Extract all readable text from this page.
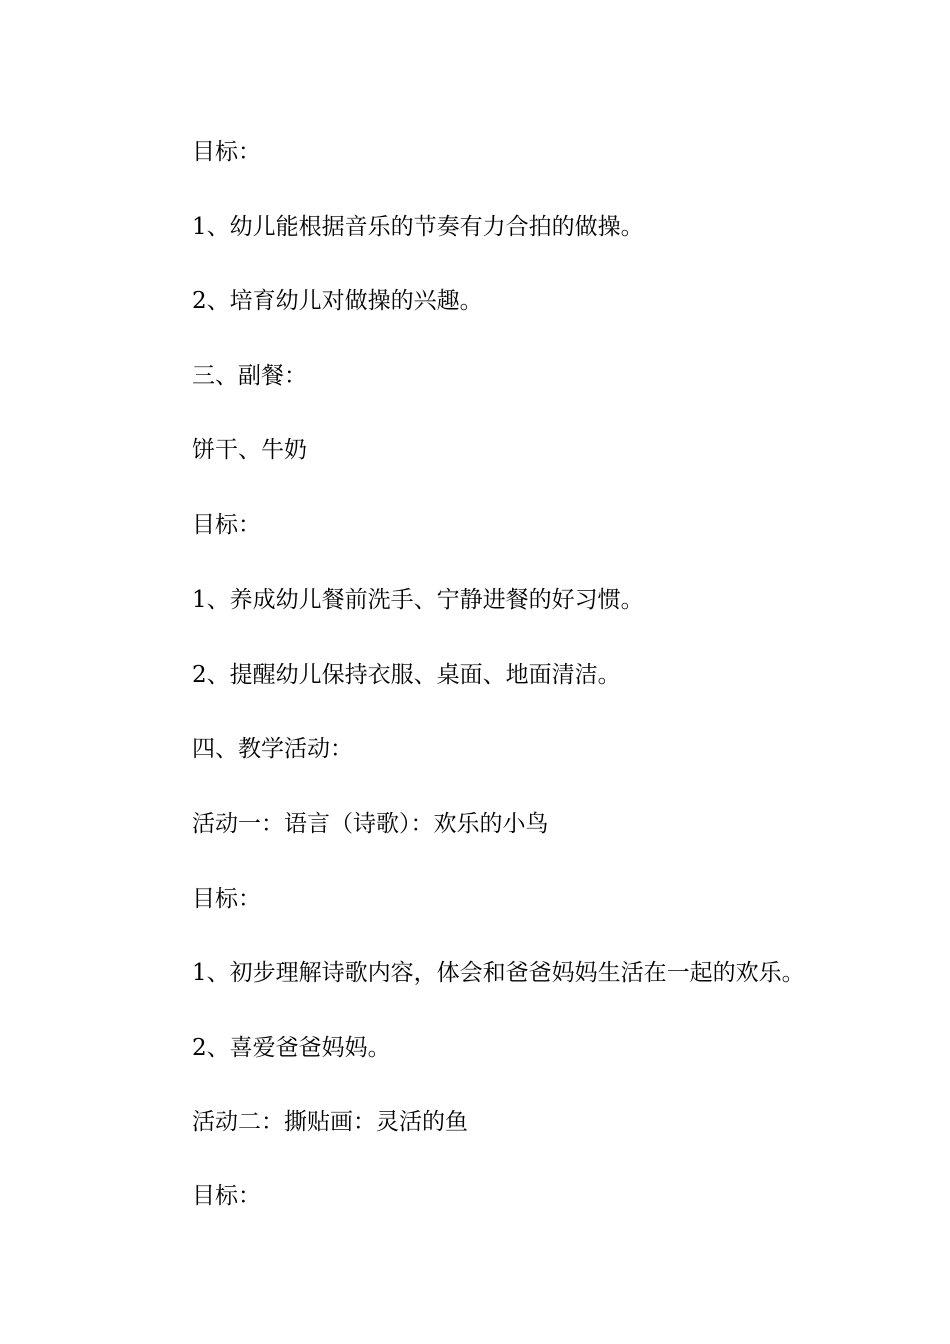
目标：

1、幼儿能根据音乐的节奏有力合拍的做操。

2、培育幼儿对做操的兴趣。

三、副餐：

饼干、牛奶

目标：

1、养成幼儿餐前洗手、宁静进餐的好习惯。

2、提醒幼儿保持衣服、桌面、地面清洁。

四、教学活动：

活动一：语言（诗歌）：欢乐的小鸟

目标：

1、初步理解诗歌内容，体会和爸爸妈妈生活在一起的欢乐。

2、喜爱爸爸妈妈。

活动二：撕贴画：灵活的鱼

目标：
